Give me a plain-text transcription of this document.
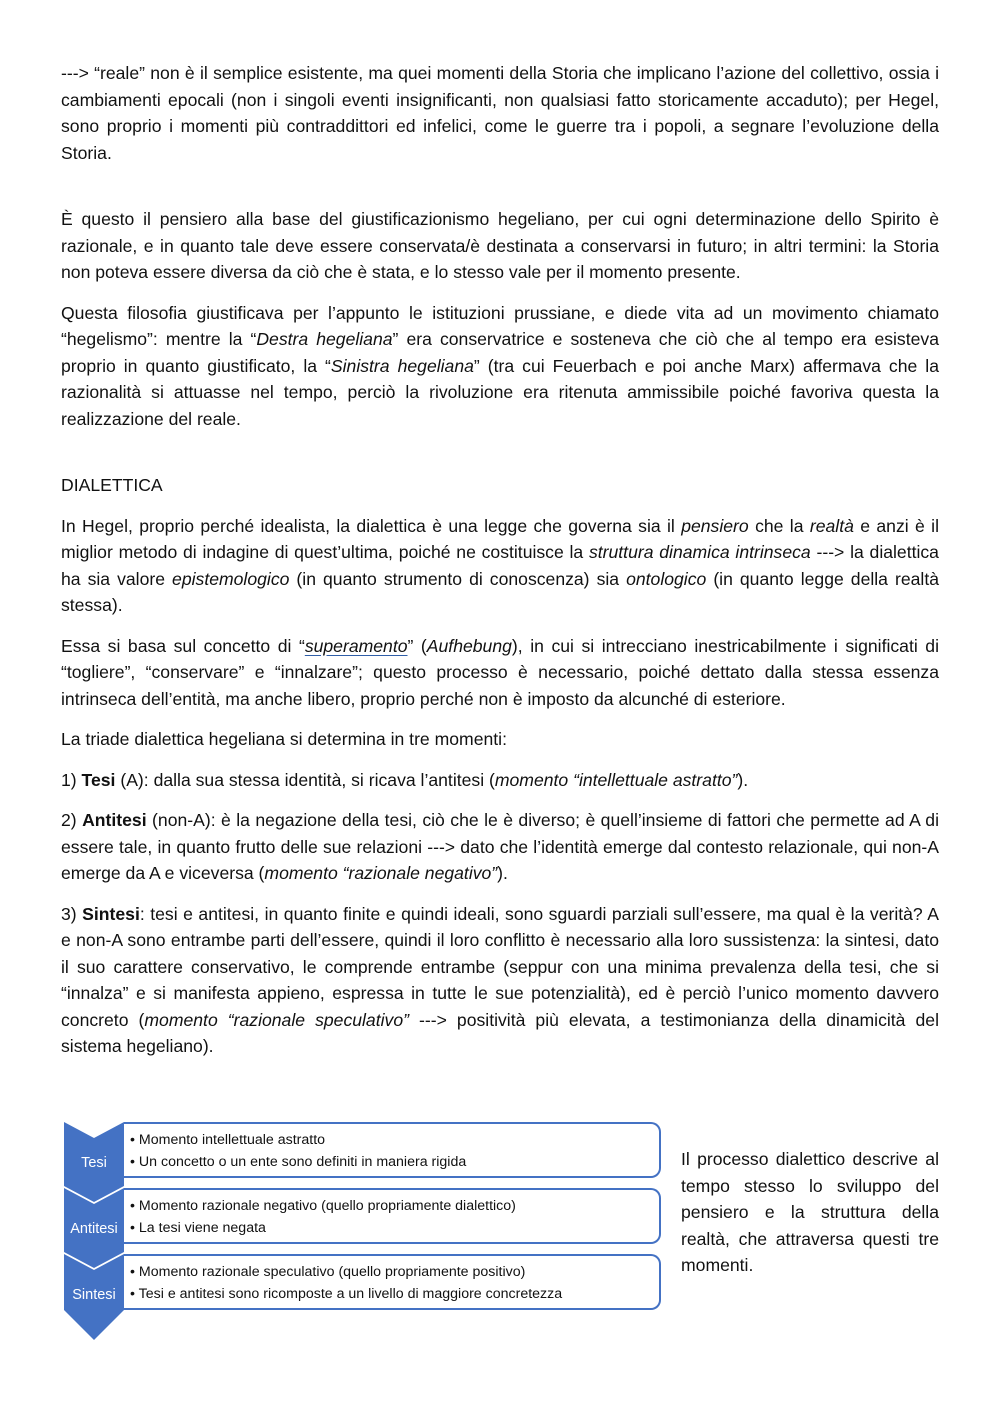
---> “reale” non è il semplice esistente, ma quei momenti della Storia che implicano l’azione del collettivo, ossia i cambiamenti epocali (non i singoli eventi insignificanti, non qualsiasi fatto storicamente accaduto); per Hegel, sono proprio i momenti più contraddittori ed infelici, come le guerre tra i popoli, a segnare l’evoluzione della Storia.

È questo il pensiero alla base del giustificazionismo hegeliano, per cui ogni determinazione dello Spirito è razionale, e in quanto tale deve essere conservata/è destinata a conservarsi in futuro; in altri termini: la Storia non poteva essere diversa da ciò che è stata, e lo stesso vale per il momento presente.

Questa filosofia giustificava per l’appunto le istituzioni prussiane, e diede vita ad un movimento chiamato “hegelismo”: mentre la “Destra hegeliana” era conservatrice e sosteneva che ciò che al tempo era esisteva proprio in quanto giustificato, la “Sinistra hegeliana” (tra cui Feuerbach e poi anche Marx) affermava che la razionalità si attuasse nel tempo, perciò la rivoluzione era ritenuta ammissibile poiché favoriva questa la realizzazione del reale.

DIALETTICA

In Hegel, proprio perché idealista, la dialettica è una legge che governa sia il pensiero che la realtà e anzi è il miglior metodo di indagine di quest’ultima, poiché ne costituisce la struttura dinamica intrinseca ---> la dialettica ha sia valore epistemologico (in quanto strumento di conoscenza) sia ontologico (in quanto legge della realtà stessa).

Essa si basa sul concetto di “superamento” (Aufhebung), in cui si intrecciano inestricabilmente i significati di “togliere”, “conservare” e “innalzare”; questo processo è necessario, poiché dettato dalla stessa essenza intrinseca dell’entità, ma anche libero, proprio perché non è imposto da alcunché di esteriore.

La triade dialettica hegeliana si determina in tre momenti:

1) Tesi (A): dalla sua stessa identità, si ricava l’antitesi (momento “intellettuale astratto”).

2) Antitesi (non-A): è la negazione della tesi, ciò che le è diverso; è quell’insieme di fattori che permette ad A di essere tale, in quanto frutto delle sue relazioni ---> dato che l’identità emerge dal contesto relazionale, qui non-A emerge da A e viceversa (momento “razionale negativo”).

3) Sintesi: tesi e antitesi, in quanto finite e quindi ideali, sono sguardi parziali sull’essere, ma qual è la verità? A e non-A sono entrambe parti dell’essere, quindi il loro conflitto è necessario alla loro sussistenza: la sintesi, dato il suo carattere conservativo, le comprende entrambe (seppur con una minima prevalenza della tesi, che si “innalza” e si manifesta appieno, espressa in tutte le sue potenzialità), ed è perciò l’unico momento davvero concreto (momento “razionale speculativo” ---> positività più elevata, a testimonianza della dinamicità del sistema hegeliano).

Tesi
• Momento intellettuale astratto
• Un concetto o un ente sono definiti in maniera rigida
Antitesi
• Momento razionale negativo (quello propriamente dialettico)
• La tesi viene negata
Sintesi
• Momento razionale speculativo (quello propriamente positivo)
• Tesi e antitesi sono ricomposte a un livello di maggiore concretezza

Il processo dialettico descrive al tempo stesso lo sviluppo del pensiero e la struttura della realtà, che attraversa questi tre momenti.
